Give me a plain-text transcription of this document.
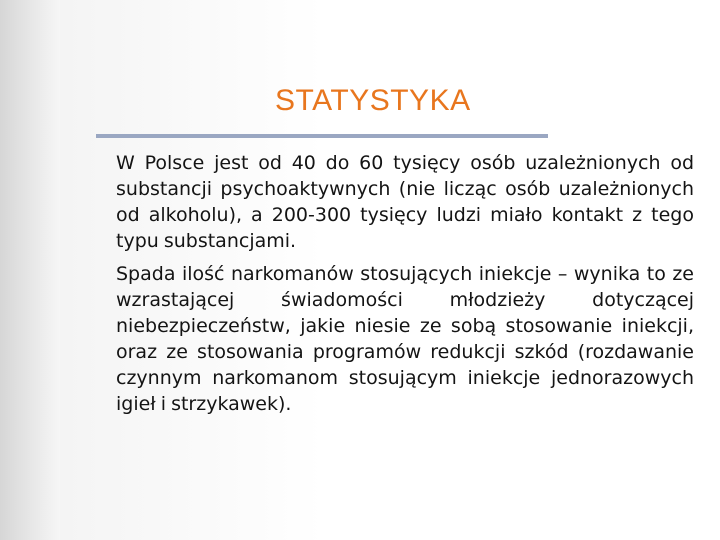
STATYSTYKA

W Polsce jest od 40 do 60 tysięcy osób uzależnionych od substancji psychoaktywnych (nie licząc osób uzależnionych od alkoholu), a 200-300 tysięcy ludzi miało kontakt z tego typu substancjami.

Spada ilość narkomanów stosujących iniekcje – wynika to ze wzrastającej świadomości młodzieży dotyczącej niebezpieczeństw, jakie niesie ze sobą stosowanie iniekcji, oraz ze stosowania programów redukcji szkód (rozdawanie czynnym narkomanom stosującym iniekcje jednorazowych igieł i strzykawek).
